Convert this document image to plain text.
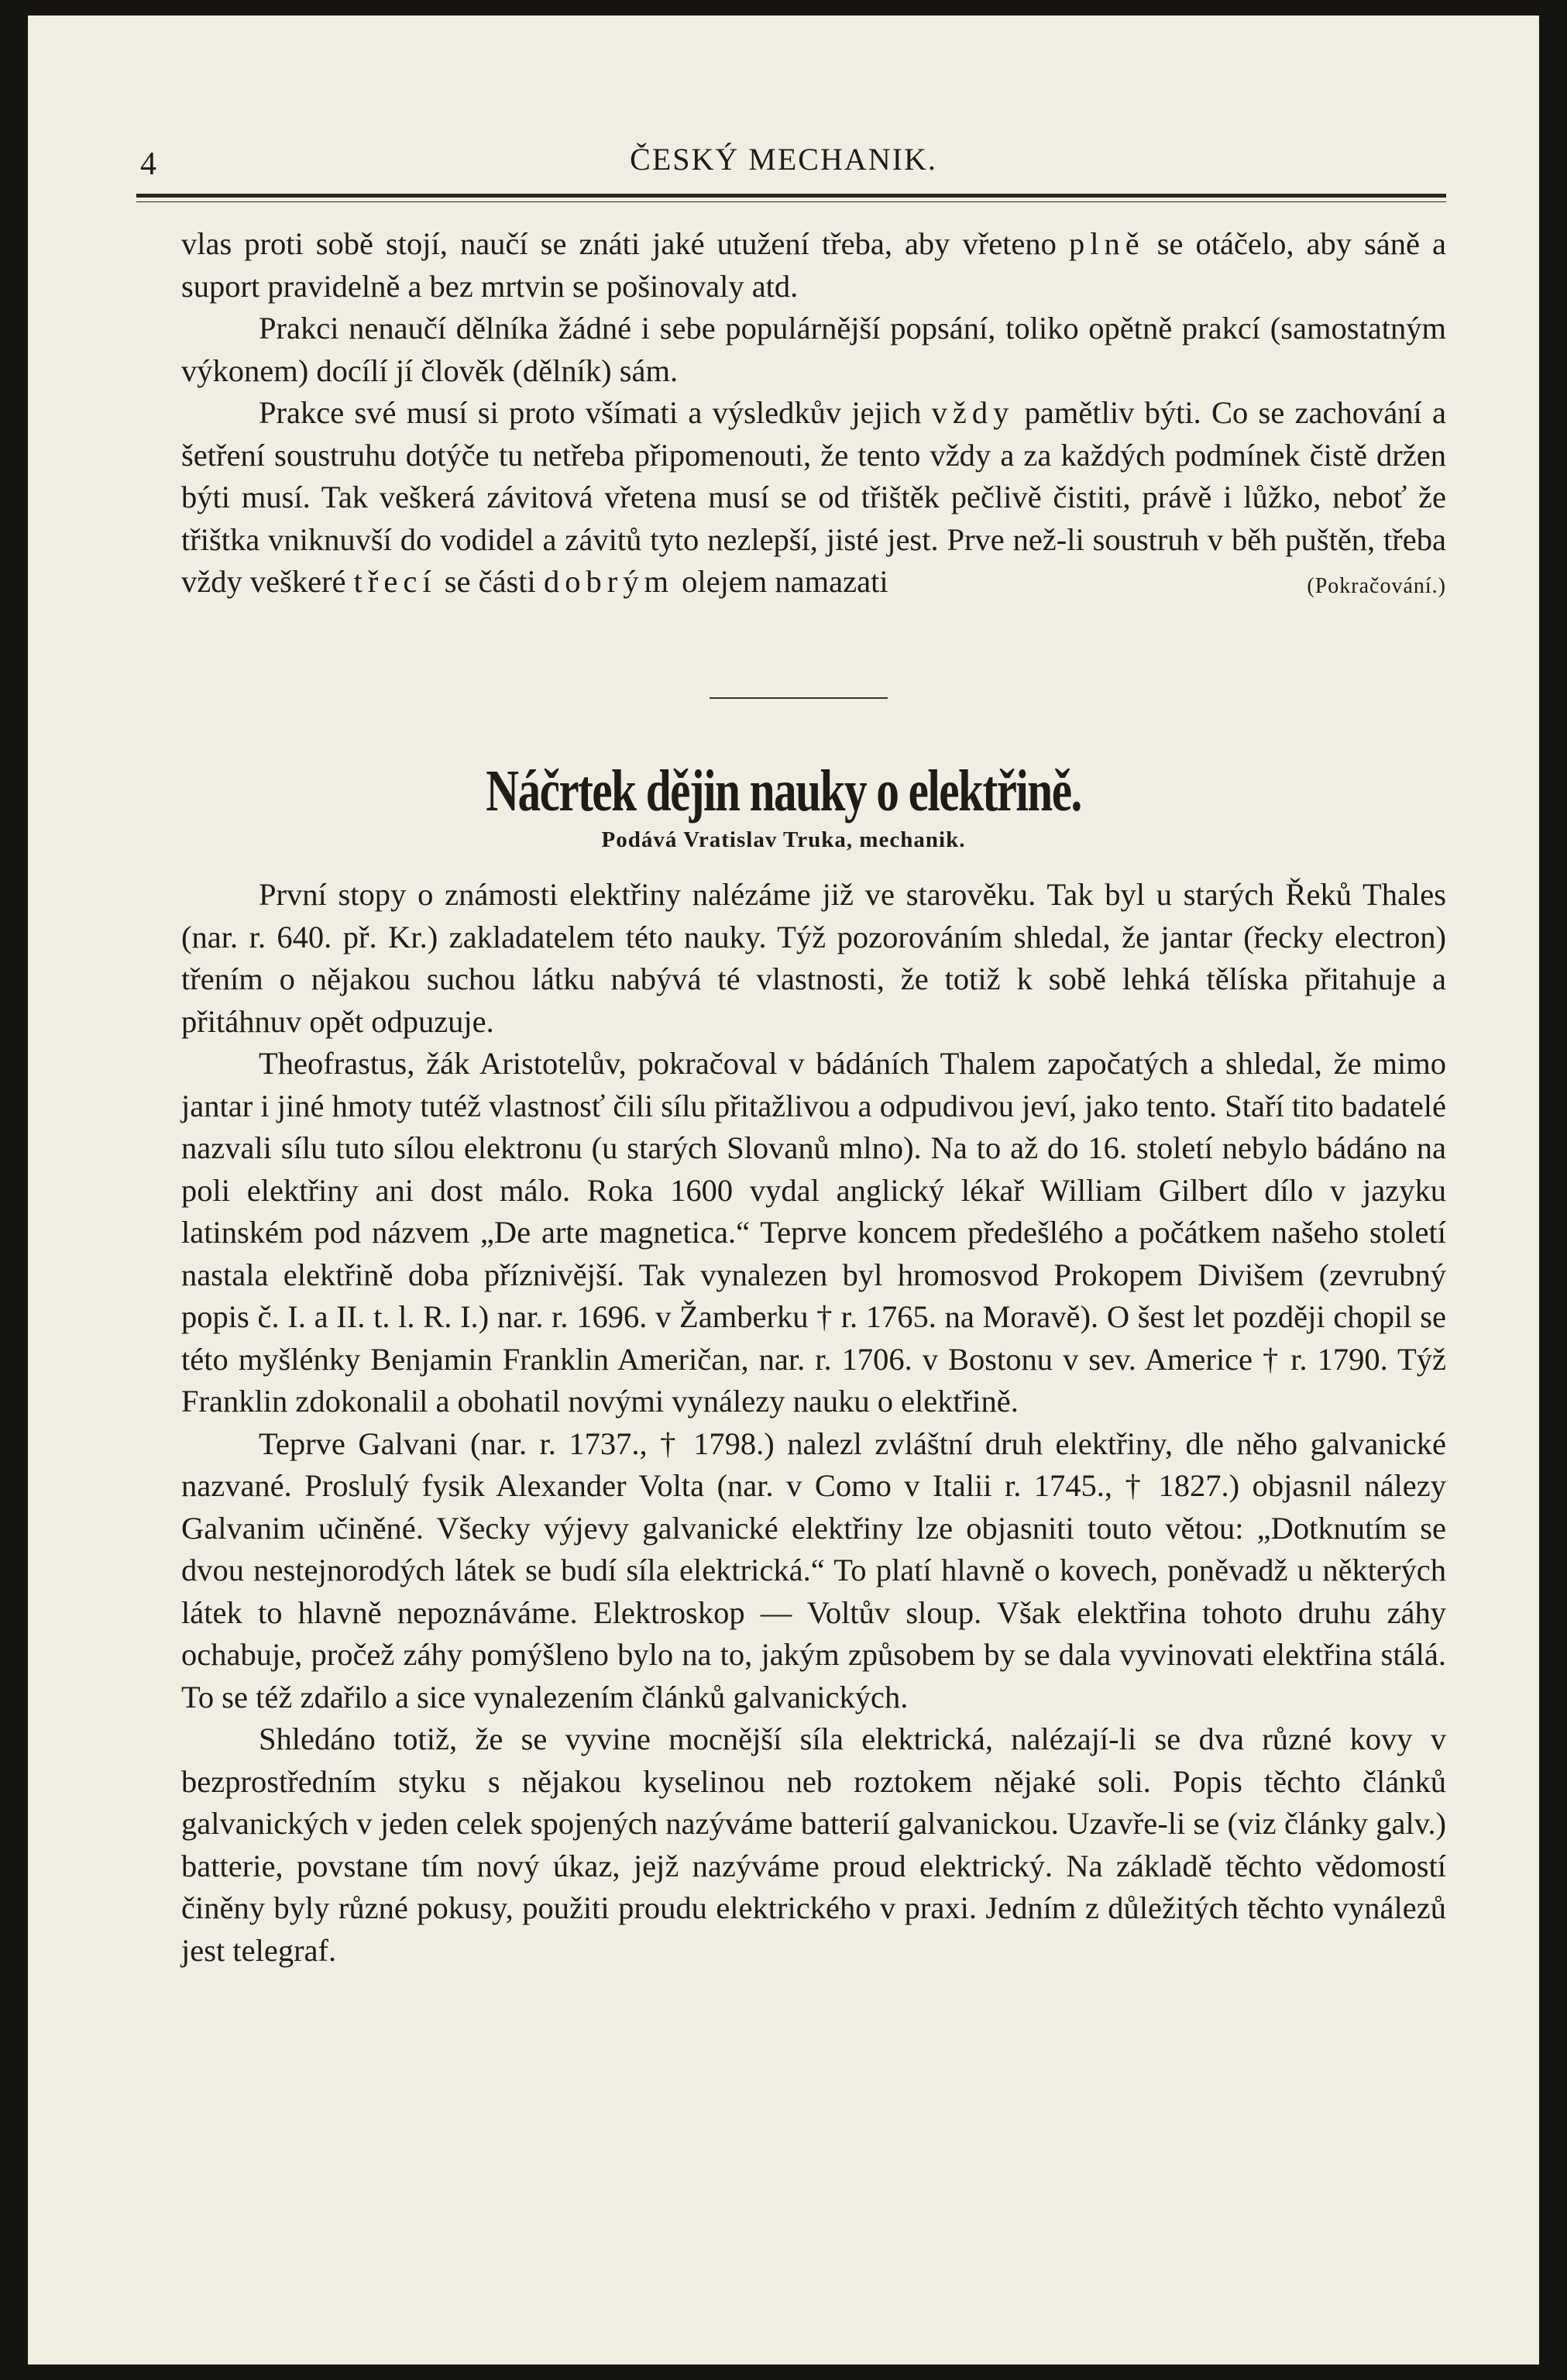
4	ČESKÝ MECHANIK.

vlas proti sobě stojí, naučí se znáti jaké utužení třeba, aby vřeteno plně se otáčelo, aby sáně a suport pravidelně a bez mrtvin se pošinovaly atd.

Prakci nenaučí dělníka žádné i sebe populárnější popsání, toliko opětně prakcí (samostatným výkonem) docílí jí člověk (dělník) sám.

Prakce své musí si proto všímati a výsledkův jejich vždy pamětliv býti. Co se zachování a šetření soustruhu dotýče tu netřeba připomenouti, že tento vždy a za každých podmínek čistě držen býti musí. Tak veškerá závitová vřetena musí se od třištěk pečlivě čistiti, právě i lůžko, neboť že třištka vniknuvší do vodidel a závitů tyto nezlepší, jisté jest. Prve než-li soustruh v běh puštěn, třeba vždy veškeré třecí se části dobrým olejem namazati	(Pokračování.)

Náčrtek dějin nauky o elektřině.
Podává Vratislav Truka, mechanik.

První stopy o známosti elektřiny nalézáme již ve starověku. Tak byl u starých Řeků Thales (nar. r. 640. př. Kr.) zakladatelem této nauky. Týž pozorováním shledal, že jantar (řecky electron) třením o nějakou suchou látku nabývá té vlastnosti, že totiž k sobě lehká tělíska přitahuje a přitáhnuv opět odpuzuje.

Theofrastus, žák Aristotelův, pokračoval v bádáních Thalem započatých a shledal, že mimo jantar i jiné hmoty tutéž vlastnosť čili sílu přitažlivou a odpudivou jeví, jako tento. Staří tito badatelé nazvali sílu tuto sílou elektronu (u starých Slovanů mlno). Na to až do 16. století nebylo bádáno na poli elektřiny ani dost málo. Roka 1600 vydal anglický lékař William Gilbert dílo v jazyku latinském pod názvem „De arte magnetica.“ Teprve koncem předešlého a počátkem našeho století nastala elektřině doba příznivější. Tak vynalezen byl hromosvod Prokopem Divišem (zevrubný popis č. I. a II. t. l. R. I.) nar. r. 1696. v Žamberku † r. 1765. na Moravě). O šest let později chopil se této myšlénky Benjamin Franklin Američan, nar. r. 1706. v Bostonu v sev. Americe † r. 1790. Týž Franklin zdokonalil a obohatil novými vynálezy nauku o elektřině.

Teprve Galvani (nar. r. 1737., † 1798.) nalezl zvláštní druh elektřiny, dle něho galvanické nazvané. Proslulý fysik Alexander Volta (nar. v Como v Italii r. 1745., † 1827.) objasnil nálezy Galvanim učiněné. Všecky výjevy galvanické elektřiny lze objasniti touto větou: „Dotknutím se dvou nestejnorodých látek se budí síla elektrická.“ To platí hlavně o kovech, poněvadž u některých látek to hlavně nepoznáváme. Elektroskop — Voltův sloup. Však elektřina tohoto druhu záhy ochabuje, pročež záhy pomýšleno bylo na to, jakým způsobem by se dala vyvinovati elektřina stálá. To se též zdařilo a sice vynalezením článků galvanických.

Shledáno totiž, že se vyvine mocnější síla elektrická, nalézají-li se dva různé kovy v bezprostředním styku s nějakou kyselinou neb roztokem nějaké soli. Popis těchto článků galvanických v jeden celek spojených nazýváme batterií galvanickou. Uzavře-li se (viz články galv.) batterie, povstane tím nový úkaz, jejž nazýváme proud elektrický. Na základě těchto vědomostí činěny byly různé pokusy, použiti proudu elektrického v praxi. Jedním z důležitých těchto vynálezů jest telegraf.
